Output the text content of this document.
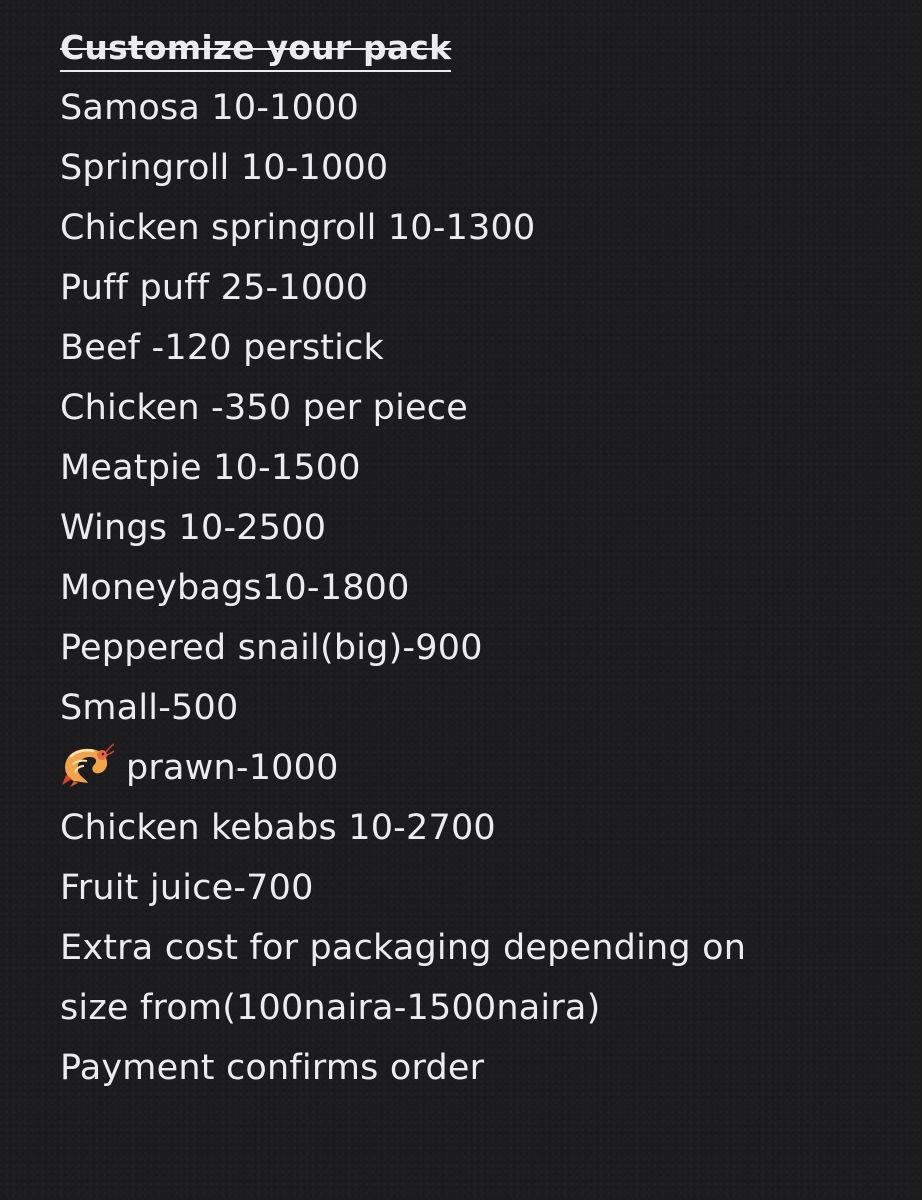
Customize your pack
Samosa 10-1000
Springroll 10-1000
Chicken springroll 10-1300
Puff puff 25-1000
Beef -120 perstick
Chicken -350 per piece
Meatpie 10-1500
Wings 10-2500
Moneybags10-1800
Peppered snail(big)-900
Small-500
prawn-1000
Chicken kebabs 10-2700
Fruit juice-700
Extra cost for packaging depending on
size from(100naira-1500naira)
Payment confirms order
